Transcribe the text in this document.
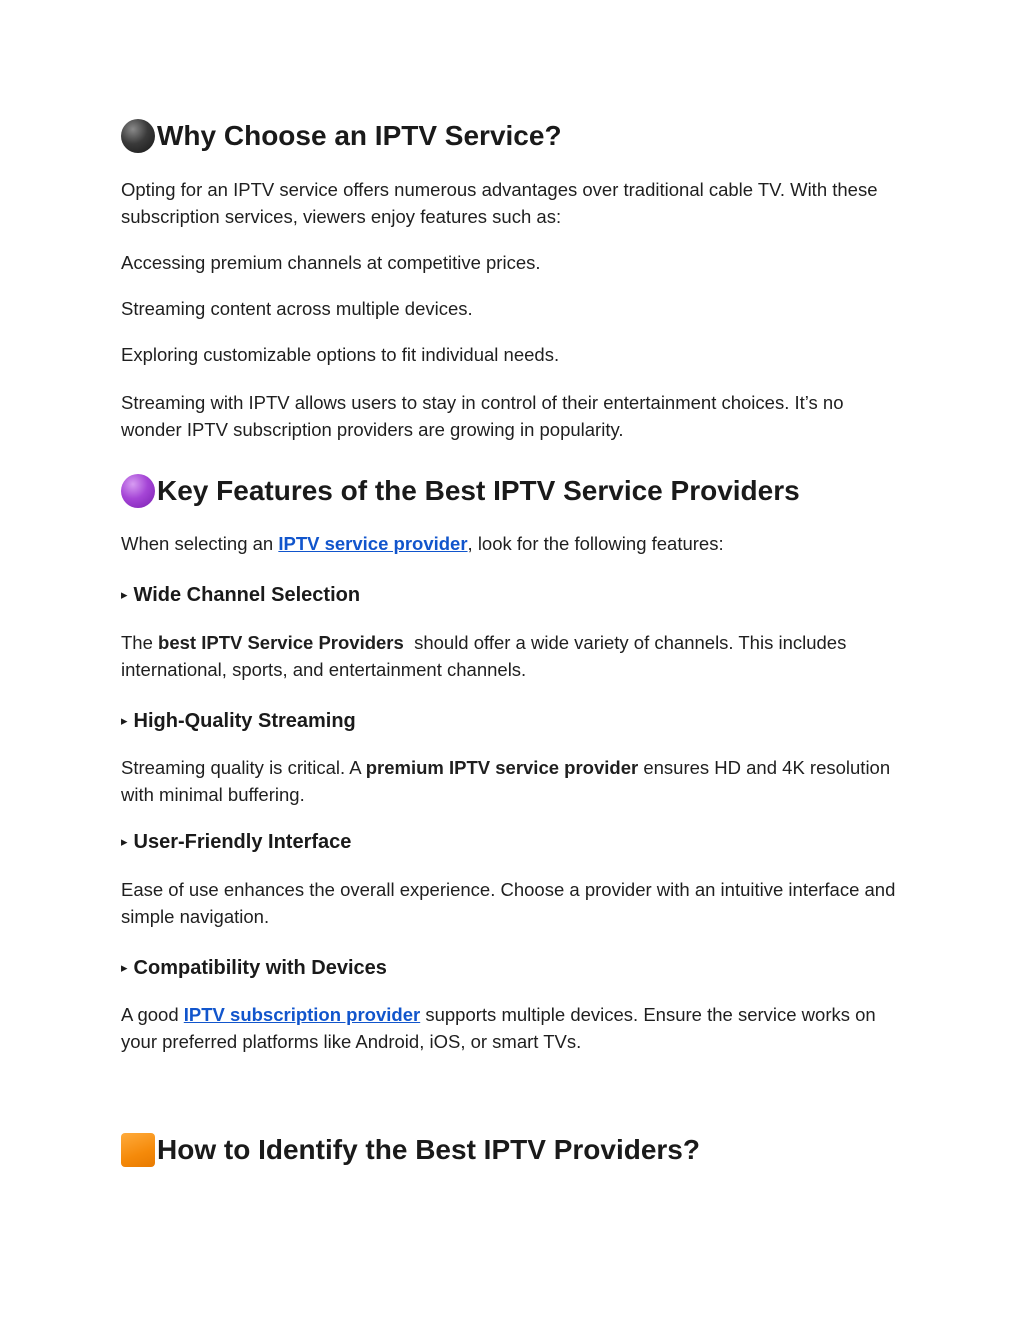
Why Choose an IPTV Service?

Opting for an IPTV service offers numerous advantages over traditional cable TV. With these subscription services, viewers enjoy features such as:

Accessing premium channels at competitive prices.

Streaming content across multiple devices.

Exploring customizable options to fit individual needs.

Streaming with IPTV allows users to stay in control of their entertainment choices. It’s no wonder IPTV subscription providers are growing in popularity.

Key Features of the Best IPTV Service Providers

When selecting an IPTV service provider, look for the following features:

▸ Wide Channel Selection

The best IPTV Service Providers  should offer a wide variety of channels. This includes international, sports, and entertainment channels.

▸ High-Quality Streaming

Streaming quality is critical. A premium IPTV service provider ensures HD and 4K resolution with minimal buffering.

▸ User-Friendly Interface

Ease of use enhances the overall experience. Choose a provider with an intuitive interface and simple navigation.

▸ Compatibility with Devices

A good IPTV subscription provider supports multiple devices. Ensure the service works on your preferred platforms like Android, iOS, or smart TVs.

How to Identify the Best IPTV Providers?
